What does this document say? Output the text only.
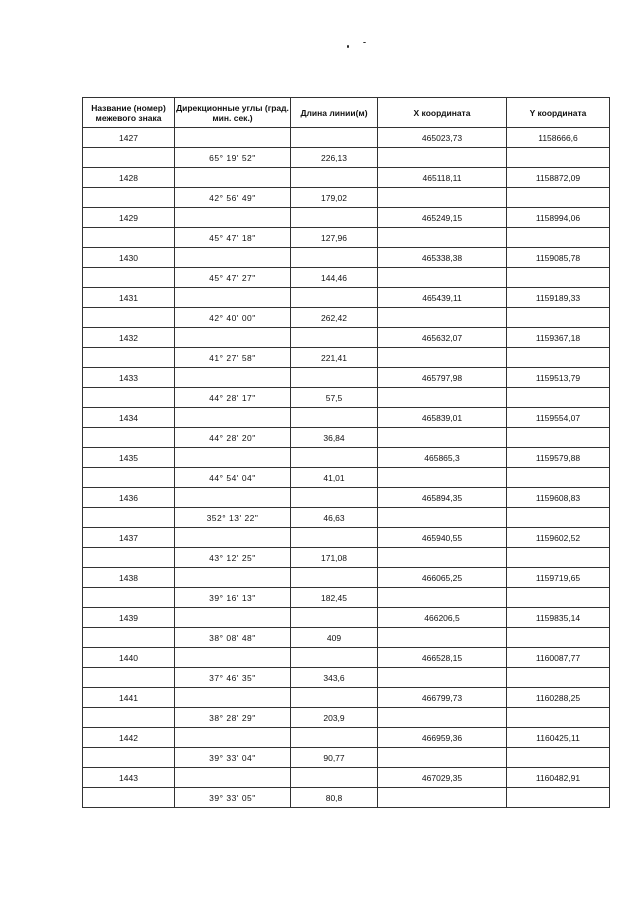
Название (номер) межевого знака	Дирекционные углы (град. мин. сек.)	Длина линии(м)	X координата	Y координата
1427			465023,73	1158666,6
	65° 19' 52"	226,13		
1428			465118,11	1158872,09
	42° 56' 49"	179,02		
1429			465249,15	1158994,06
	45° 47' 18"	127,96		
1430			465338,38	1159085,78
	45° 47' 27"	144,46		
1431			465439,11	1159189,33
	42° 40' 00"	262,42		
1432			465632,07	1159367,18
	41° 27' 58"	221,41		
1433			465797,98	1159513,79
	44° 28' 17"	57,5		
1434			465839,01	1159554,07
	44° 28' 20"	36,84		
1435			465865,3	1159579,88
	44° 54' 04"	41,01		
1436			465894,35	1159608,83
	352° 13' 22"	46,63		
1437			465940,55	1159602,52
	43° 12' 25"	171,08		
1438			466065,25	1159719,65
	39° 16' 13"	182,45		
1439			466206,5	1159835,14
	38° 08' 48"	409		
1440			466528,15	1160087,77
	37° 46' 35"	343,6		
1441			466799,73	1160288,25
	38° 28' 29"	203,9		
1442			466959,36	1160425,11
	39° 33' 04"	90,77		
1443			467029,35	1160482,91
	39° 33' 05"	80,8		
